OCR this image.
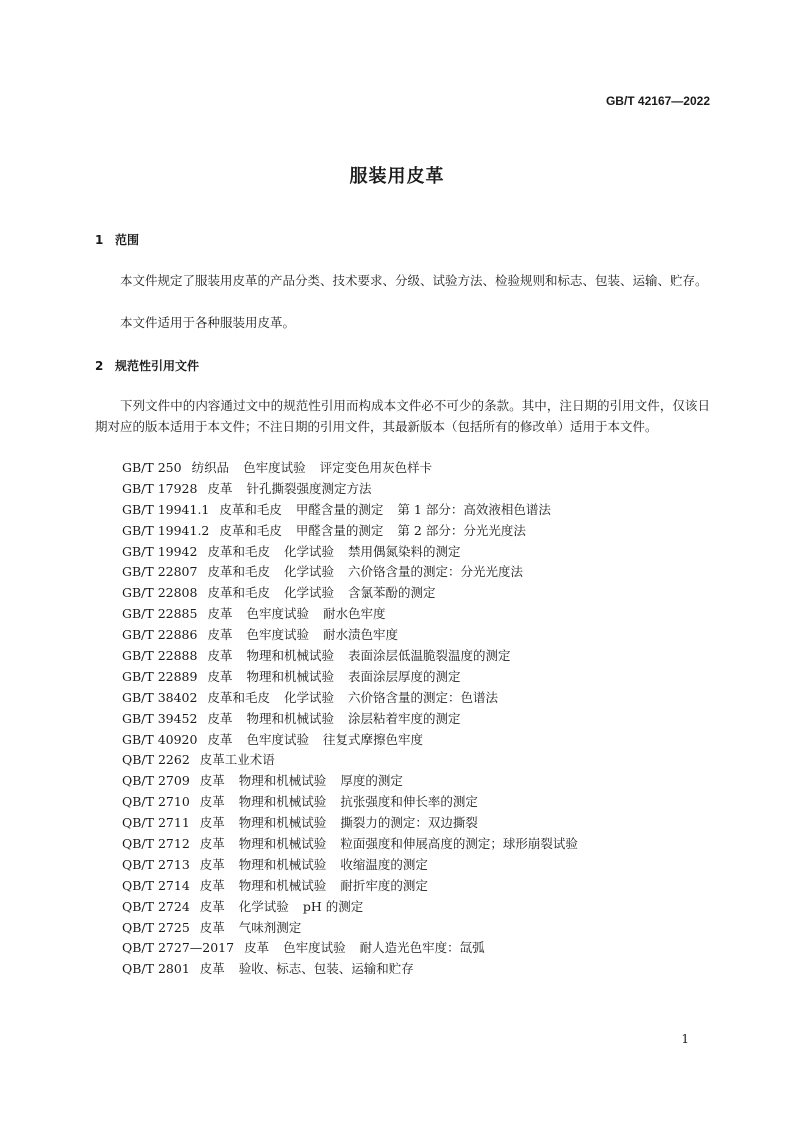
GB/T 42167—2022
服装用皮革
1 范围

本文件规定了服装用皮革的产品分类、技术要求、分级、试验方法、检验规则和标志、包装、运输、贮存。

本文件适用于各种服装用皮革。

2 规范性引用文件

下列文件中的内容通过文中的规范性引用而构成本文件必不可少的条款。其中，注日期的引用文件，仅该日期对应的版本适用于本文件；不注日期的引用文件，其最新版本（包括所有的修改单）适用于本文件。

GB/T 250 纺织品 色牢度试验 评定变色用灰色样卡
GB/T 17928 皮革 针孔撕裂强度测定方法
GB/T 19941.1 皮革和毛皮 甲醛含量的测定 第 1 部分：高效液相色谱法
GB/T 19941.2 皮革和毛皮 甲醛含量的测定 第 2 部分：分光光度法
GB/T 19942 皮革和毛皮 化学试验 禁用偶氮染料的测定
GB/T 22807 皮革和毛皮 化学试验 六价铬含量的测定：分光光度法
GB/T 22808 皮革和毛皮 化学试验 含氯苯酚的测定
GB/T 22885 皮革 色牢度试验 耐水色牢度
GB/T 22886 皮革 色牢度试验 耐水渍色牢度
GB/T 22888 皮革 物理和机械试验 表面涂层低温脆裂温度的测定
GB/T 22889 皮革 物理和机械试验 表面涂层厚度的测定
GB/T 38402 皮革和毛皮 化学试验 六价铬含量的测定：色谱法
GB/T 39452 皮革 物理和机械试验 涂层粘着牢度的测定
GB/T 40920 皮革 色牢度试验 往复式摩擦色牢度
QB/T 2262 皮革工业术语
QB/T 2709 皮革 物理和机械试验 厚度的测定
QB/T 2710 皮革 物理和机械试验 抗张强度和伸长率的测定
QB/T 2711 皮革 物理和机械试验 撕裂力的测定：双边撕裂
QB/T 2712 皮革 物理和机械试验 粒面强度和伸展高度的测定；球形崩裂试验
QB/T 2713 皮革 物理和机械试验 收缩温度的测定
QB/T 2714 皮革 物理和机械试验 耐折牢度的测定
QB/T 2724 皮革 化学试验 pH 的测定
QB/T 2725 皮革 气味剂测定
QB/T 2727—2017 皮革 色牢度试验 耐人造光色牢度：氙弧
QB/T 2801 皮革 验收、标志、包装、运输和贮存
1
